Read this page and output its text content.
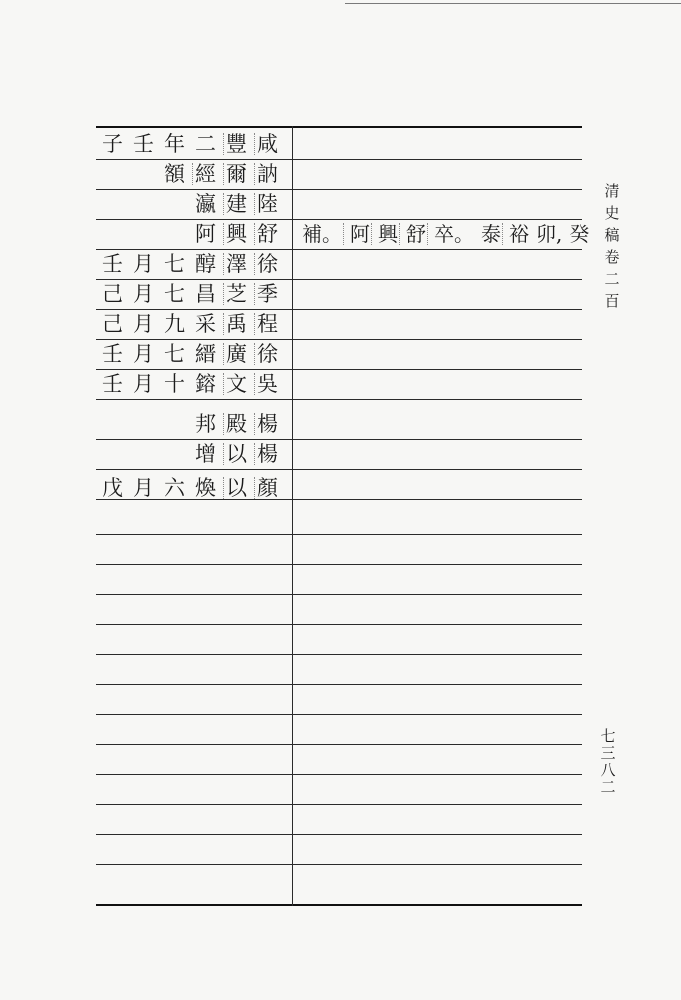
子 壬 年 二 豐 咸
額 經 爾 訥
瀛 建 陸
阿 興 舒
壬 月 七 醇 澤 徐
己 月 七 昌 芝 季
己 月 九 采 禹 程
壬 月 七 縉 廣 徐
壬 月 十 鎔 文 吳
邦 殿 楊
增 以 楊
戊 月 六 煥 以 顏
補。 阿 興 舒 卒。 泰 裕 卯, 癸
清
史
稿
卷
二
百
七
三
八
二
